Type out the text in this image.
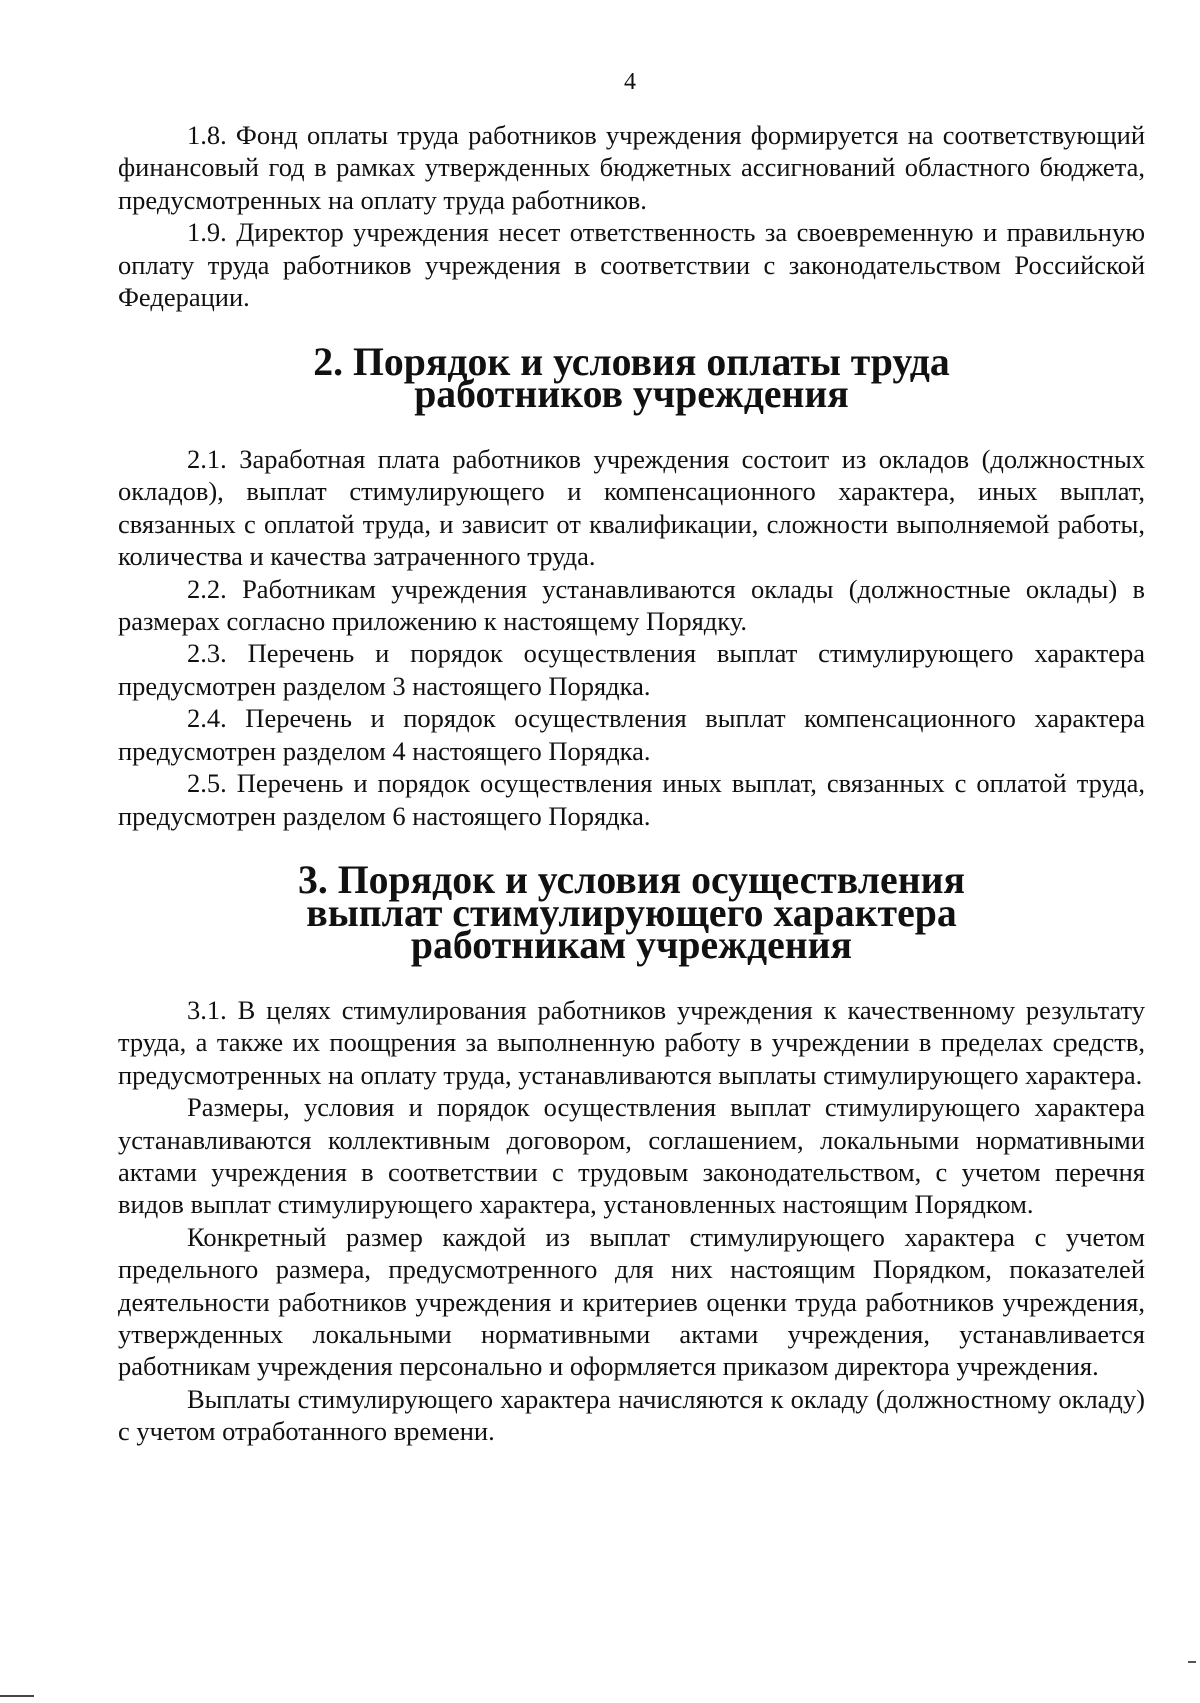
4

1.8. Фонд оплаты труда работников учреждения формируется на соответствующий финансовый год в рамках утвержденных бюджетных ассигнований областного бюджета, предусмотренных на оплату труда работников.

1.9. Директор учреждения несет ответственность за своевременную и правильную оплату труда работников учреждения в соответствии с законодательством Российской Федерации.

2. Порядок и условия оплаты труда
работников учреждения

2.1. Заработная плата работников учреждения состоит из окладов (должностных окладов), выплат стимулирующего и компенсационного характера, иных выплат, связанных с оплатой труда, и зависит от квалификации, сложности выполняемой работы, количества и качества затраченного труда.

2.2. Работникам учреждения устанавливаются оклады (должностные оклады) в размерах согласно приложению к настоящему Порядку.

2.3. Перечень и порядок осуществления выплат стимулирующего характера предусмотрен разделом 3 настоящего Порядка.

2.4. Перечень и порядок осуществления выплат компенсационного характера предусмотрен разделом 4 настоящего Порядка.

2.5. Перечень и порядок осуществления иных выплат, связанных с оплатой труда, предусмотрен разделом 6 настоящего Порядка.

3. Порядок и условия осуществления
выплат стимулирующего характера
работникам учреждения

3.1. В целях стимулирования работников учреждения к качественному результату труда, а также их поощрения за выполненную работу в учреждении в пределах средств, предусмотренных на оплату труда, устанавливаются выплаты стимулирующего характера.

Размеры, условия и порядок осуществления выплат стимулирующего характера устанавливаются коллективным договором, соглашением, локальными нормативными актами учреждения в соответствии с трудовым законодательством, с учетом перечня видов выплат стимулирующего характера, установленных настоящим Порядком.

Конкретный размер каждой из выплат стимулирующего характера с учетом предельного размера, предусмотренного для них настоящим Порядком, показателей деятельности работников учреждения и критериев оценки труда работников учреждения, утвержденных локальными нормативными актами учреждения, устанавливается работникам учреждения персонально и оформляется приказом директора учреждения.

Выплаты стимулирующего характера начисляются к окладу (должностному окладу) с учетом отработанного времени.
